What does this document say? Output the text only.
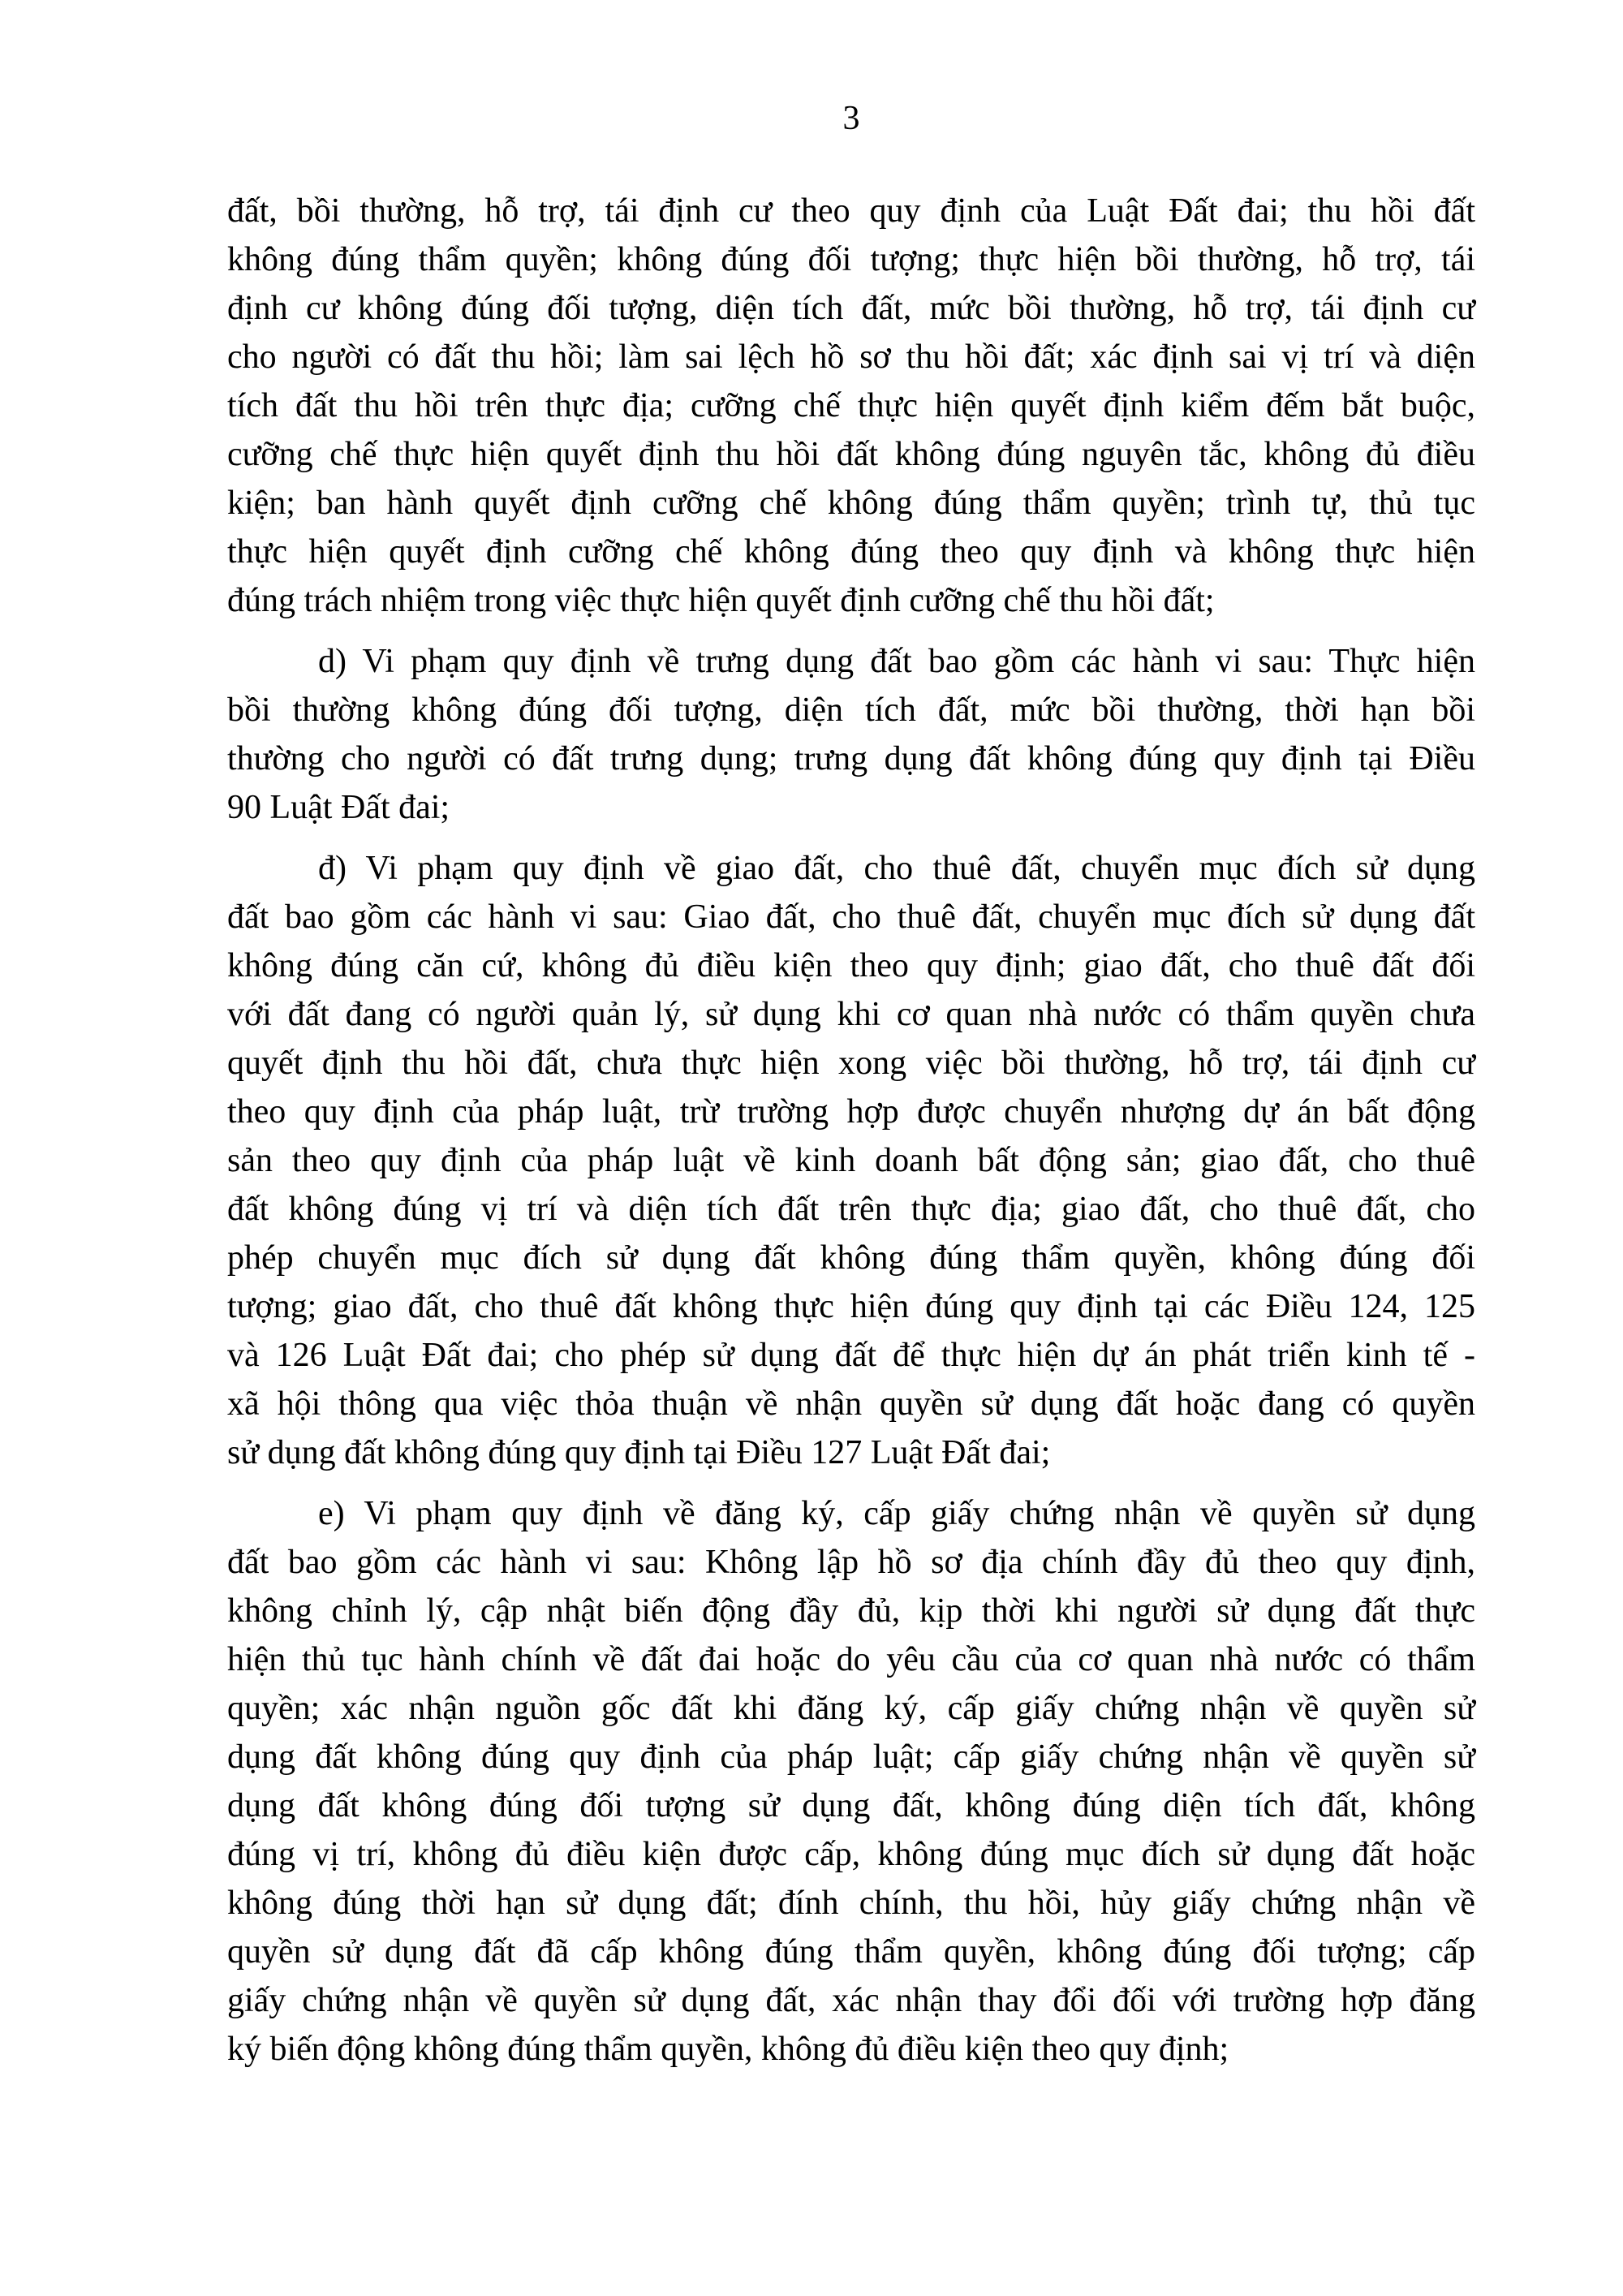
3
đất, bồi thường, hỗ trợ, tái định cư theo quy định của Luật Đất đai; thu hồi đất
không đúng thẩm quyền; không đúng đối tượng; thực hiện bồi thường, hỗ trợ, tái
định cư không đúng đối tượng, diện tích đất, mức bồi thường, hỗ trợ, tái định cư
cho người có đất thu hồi; làm sai lệch hồ sơ thu hồi đất; xác định sai vị trí và diện
tích đất thu hồi trên thực địa; cưỡng chế thực hiện quyết định kiểm đếm bắt buộc,
cưỡng chế thực hiện quyết định thu hồi đất không đúng nguyên tắc, không đủ điều
kiện; ban hành quyết định cưỡng chế không đúng thẩm quyền; trình tự, thủ tục
thực hiện quyết định cưỡng chế không đúng theo quy định và không thực hiện
đúng trách nhiệm trong việc thực hiện quyết định cưỡng chế thu hồi đất;
d) Vi phạm quy định về trưng dụng đất bao gồm các hành vi sau: Thực hiện
bồi thường không đúng đối tượng, diện tích đất, mức bồi thường, thời hạn bồi
thường cho người có đất trưng dụng; trưng dụng đất không đúng quy định tại Điều
90 Luật Đất đai;
đ) Vi phạm quy định về giao đất, cho thuê đất, chuyển mục đích sử dụng
đất bao gồm các hành vi sau: Giao đất, cho thuê đất, chuyển mục đích sử dụng đất
không đúng căn cứ, không đủ điều kiện theo quy định; giao đất, cho thuê đất đối
với đất đang có người quản lý, sử dụng khi cơ quan nhà nước có thẩm quyền chưa
quyết định thu hồi đất, chưa thực hiện xong việc bồi thường, hỗ trợ, tái định cư
theo quy định của pháp luật, trừ trường hợp được chuyển nhượng dự án bất động
sản theo quy định của pháp luật về kinh doanh bất động sản; giao đất, cho thuê
đất không đúng vị trí và diện tích đất trên thực địa; giao đất, cho thuê đất, cho
phép chuyển mục đích sử dụng đất không đúng thẩm quyền, không đúng đối
tượng; giao đất, cho thuê đất không thực hiện đúng quy định tại các Điều 124, 125
và 126 Luật Đất đai; cho phép sử dụng đất để thực hiện dự án phát triển kinh tế -
xã hội thông qua việc thỏa thuận về nhận quyền sử dụng đất hoặc đang có quyền
sử dụng đất không đúng quy định tại Điều 127 Luật Đất đai;
e) Vi phạm quy định về đăng ký, cấp giấy chứng nhận về quyền sử dụng
đất bao gồm các hành vi sau: Không lập hồ sơ địa chính đầy đủ theo quy định,
không chỉnh lý, cập nhật biến động đầy đủ, kịp thời khi người sử dụng đất thực
hiện thủ tục hành chính về đất đai hoặc do yêu cầu của cơ quan nhà nước có thẩm
quyền; xác nhận nguồn gốc đất khi đăng ký, cấp giấy chứng nhận về quyền sử
dụng đất không đúng quy định của pháp luật; cấp giấy chứng nhận về quyền sử
dụng đất không đúng đối tượng sử dụng đất, không đúng diện tích đất, không
đúng vị trí, không đủ điều kiện được cấp, không đúng mục đích sử dụng đất hoặc
không đúng thời hạn sử dụng đất; đính chính, thu hồi, hủy giấy chứng nhận về
quyền sử dụng đất đã cấp không đúng thẩm quyền, không đúng đối tượng; cấp
giấy chứng nhận về quyền sử dụng đất, xác nhận thay đổi đối với trường hợp đăng
ký biến động không đúng thẩm quyền, không đủ điều kiện theo quy định;
